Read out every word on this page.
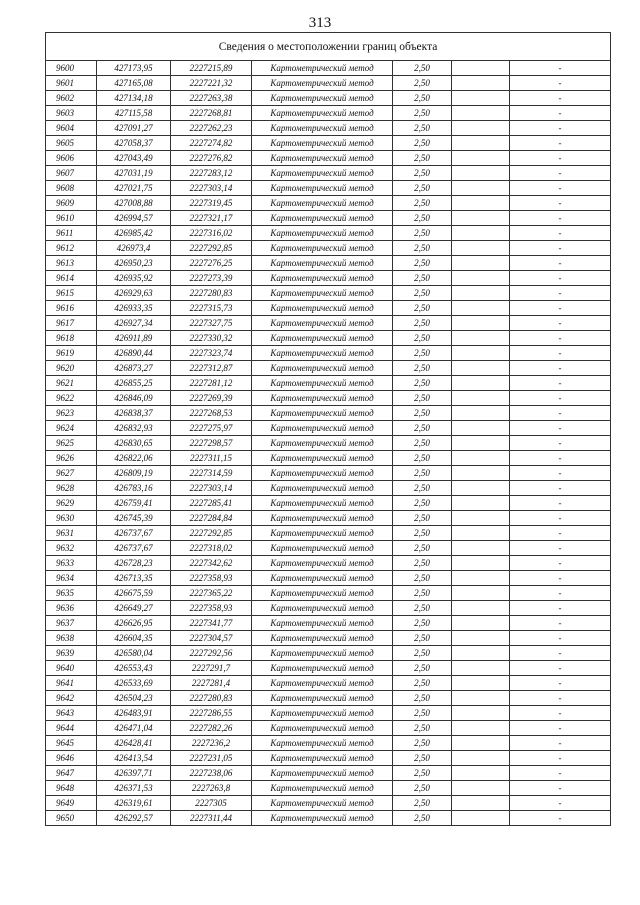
313
Сведения о местоположении границ объекта						
9600	427173,95	2227215,89	Картометрический метод	2,50		-
9601	427165,08	2227221,32	Картометрический метод	2,50		-
9602	427134,18	2227263,38	Картометрический метод	2,50		-
9603	427115,58	2227268,81	Картометрический метод	2,50		-
9604	427091,27	2227262,23	Картометрический метод	2,50		-
9605	427058,37	2227274,82	Картометрический метод	2,50		-
9606	427043,49	2227276,82	Картометрический метод	2,50		-
9607	427031,19	2227283,12	Картометрический метод	2,50		-
9608	427021,75	2227303,14	Картометрический метод	2,50		-
9609	427008,88	2227319,45	Картометрический метод	2,50		-
9610	426994,57	2227321,17	Картометрический метод	2,50		-
9611	426985,42	2227316,02	Картометрический метод	2,50		-
9612	426973,4	2227292,85	Картометрический метод	2,50		-
9613	426950,23	2227276,25	Картометрический метод	2,50		-
9614	426935,92	2227273,39	Картометрический метод	2,50		-
9615	426929,63	2227280,83	Картометрический метод	2,50		-
9616	426933,35	2227315,73	Картометрический метод	2,50		-
9617	426927,34	2227327,75	Картометрический метод	2,50		-
9618	426911,89	2227330,32	Картометрический метод	2,50		-
9619	426890,44	2227323,74	Картометрический метод	2,50		-
9620	426873,27	2227312,87	Картометрический метод	2,50		-
9621	426855,25	2227281,12	Картометрический метод	2,50		-
9622	426846,09	2227269,39	Картометрический метод	2,50		-
9623	426838,37	2227268,53	Картометрический метод	2,50		-
9624	426832,93	2227275,97	Картометрический метод	2,50		-
9625	426830,65	2227298,57	Картометрический метод	2,50		-
9626	426822,06	2227311,15	Картометрический метод	2,50		-
9627	426809,19	2227314,59	Картометрический метод	2,50		-
9628	426783,16	2227303,14	Картометрический метод	2,50		-
9629	426759,41	2227285,41	Картометрический метод	2,50		-
9630	426745,39	2227284,84	Картометрический метод	2,50		-
9631	426737,67	2227292,85	Картометрический метод	2,50		-
9632	426737,67	2227318,02	Картометрический метод	2,50		-
9633	426728,23	2227342,62	Картометрический метод	2,50		-
9634	426713,35	2227358,93	Картометрический метод	2,50		-
9635	426675,59	2227365,22	Картометрический метод	2,50		-
9636	426649,27	2227358,93	Картометрический метод	2,50		-
9637	426626,95	2227341,77	Картометрический метод	2,50		-
9638	426604,35	2227304,57	Картометрический метод	2,50		-
9639	426580,04	2227292,56	Картометрический метод	2,50		-
9640	426553,43	2227291,7	Картометрический метод	2,50		-
9641	426533,69	2227281,4	Картометрический метод	2,50		-
9642	426504,23	2227280,83	Картометрический метод	2,50		-
9643	426483,91	2227286,55	Картометрический метод	2,50		-
9644	426471,04	2227282,26	Картометрический метод	2,50		-
9645	426428,41	2227236,2	Картометрический метод	2,50		-
9646	426413,54	2227231,05	Картометрический метод	2,50		-
9647	426397,71	2227238,06	Картометрический метод	2,50		-
9648	426371,53	2227263,8	Картометрический метод	2,50		-
9649	426319,61	2227305	Картометрический метод	2,50		-
9650	426292,57	2227311,44	Картометрический метод	2,50		-
